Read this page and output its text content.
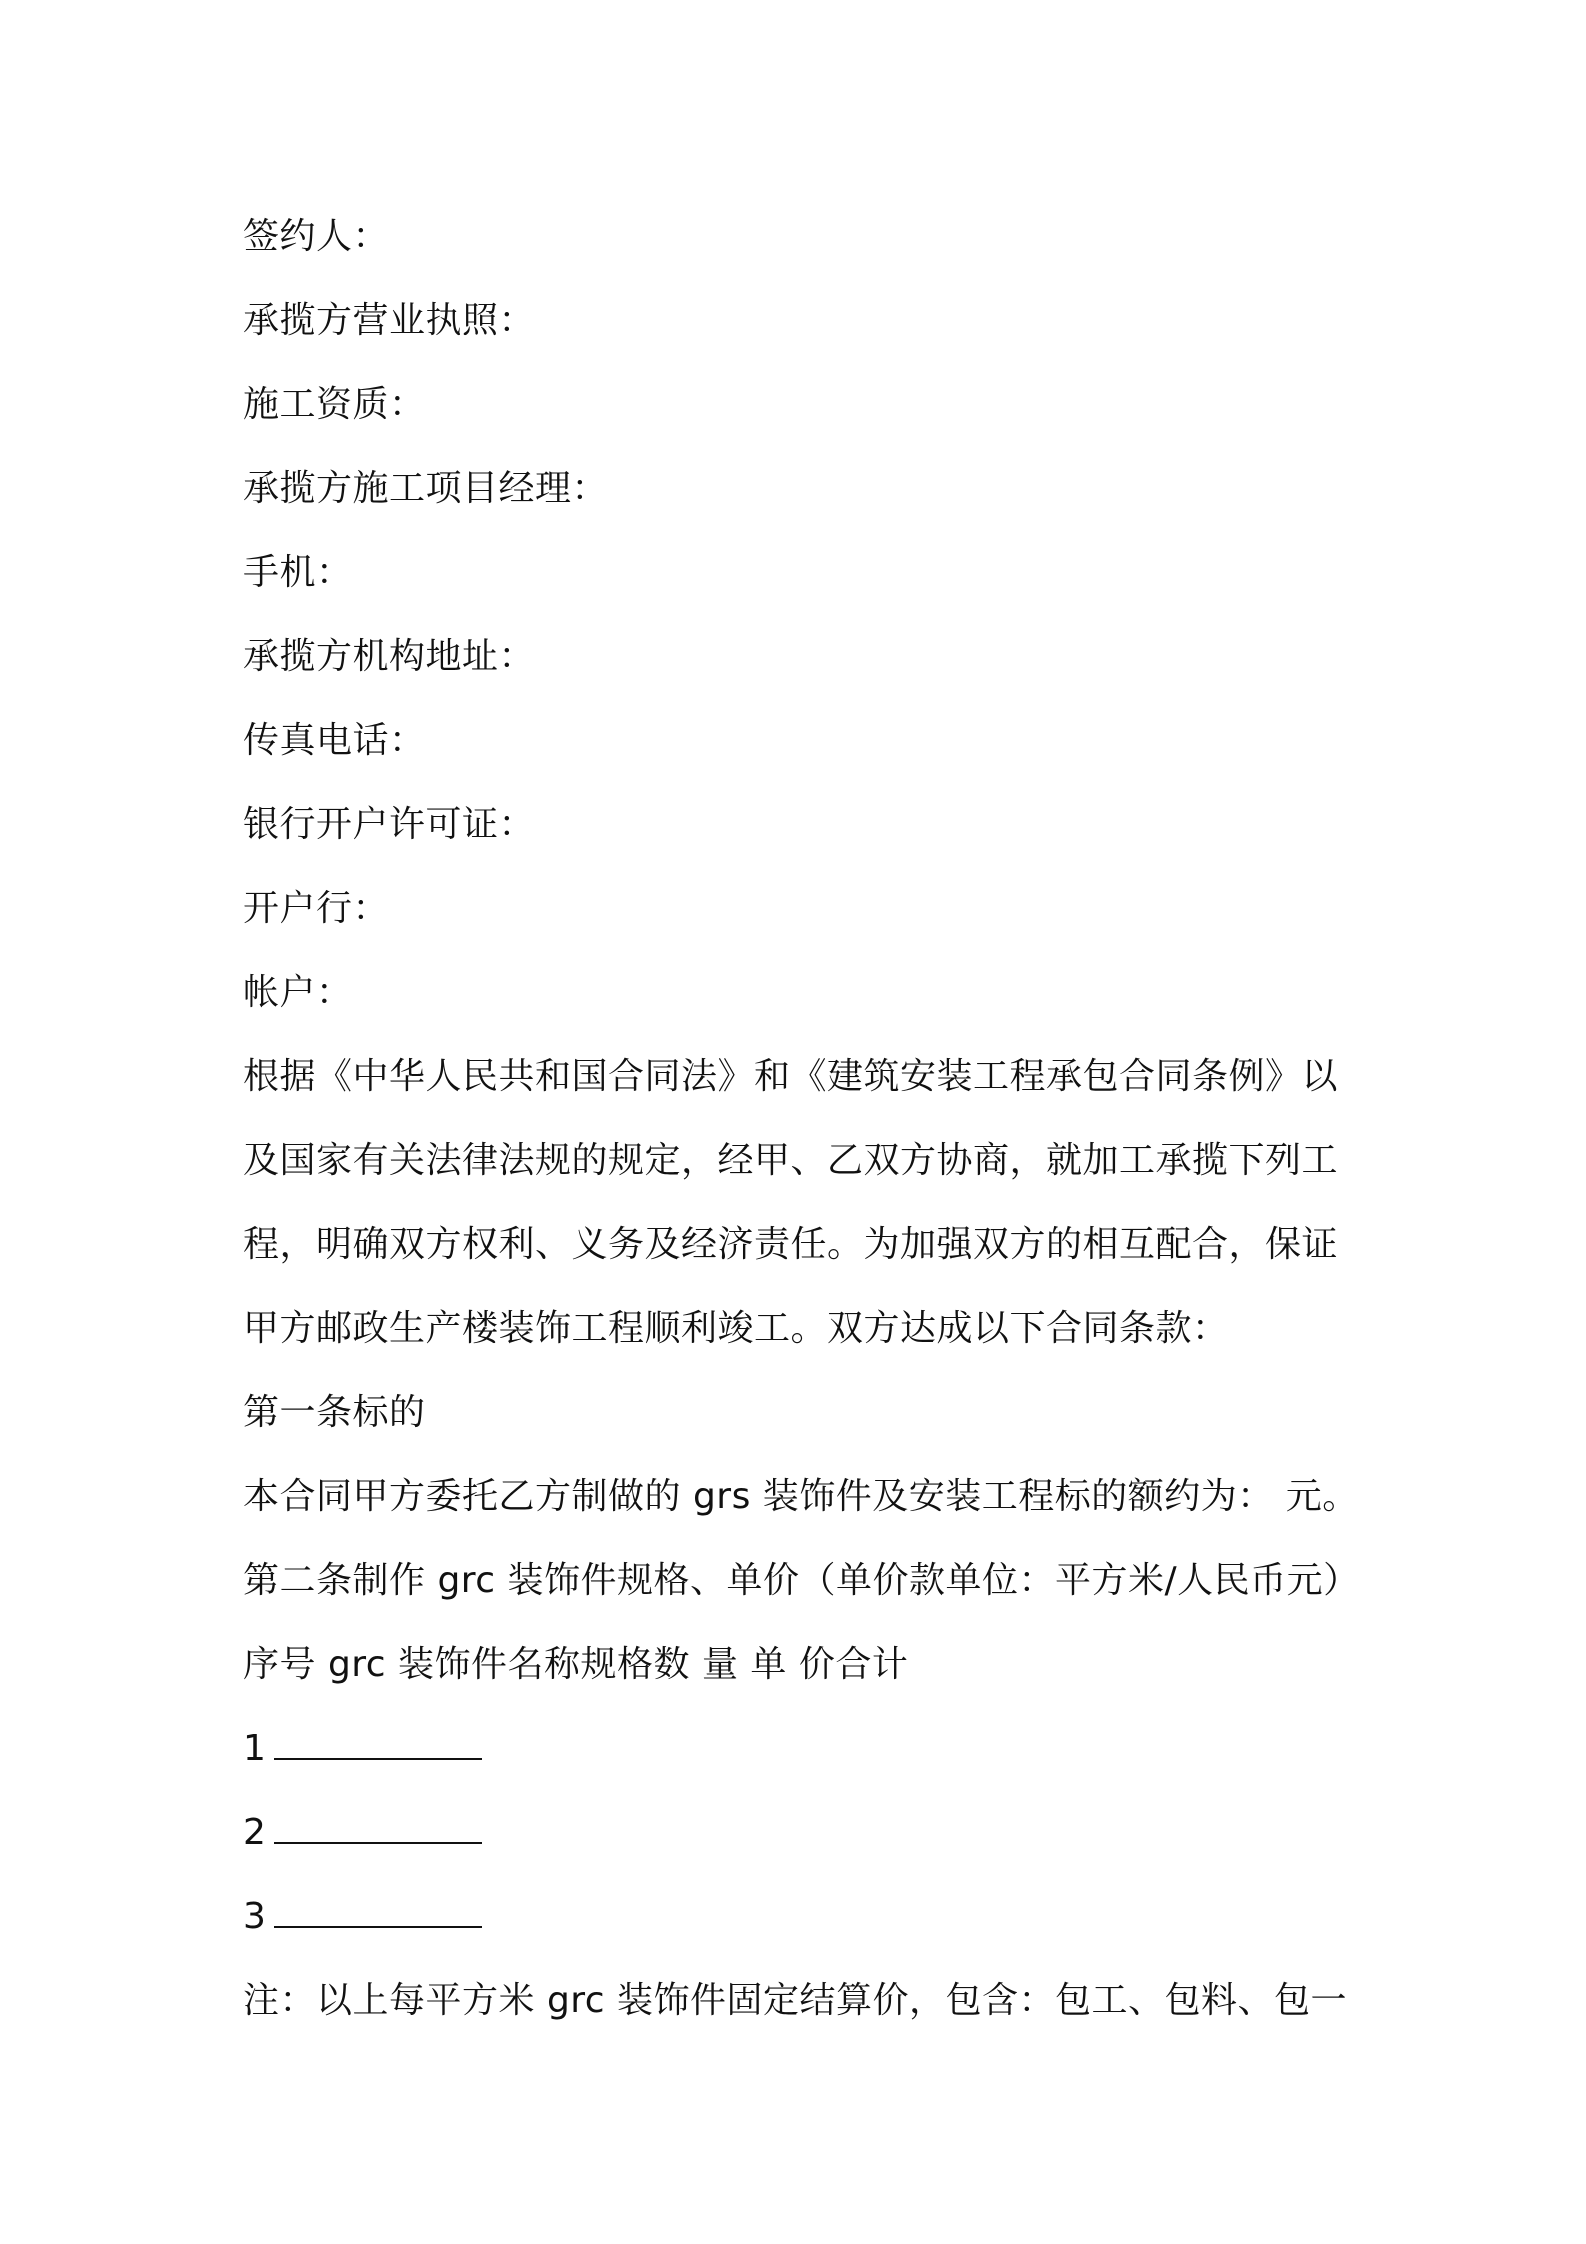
签约人：
承揽方营业执照：
施工资质：
承揽方施工项目经理：
手机：
承揽方机构地址：
传真电话：
银行开户许可证：
开户行：
帐户：
根据《中华人民共和国合同法》和《建筑安装工程承包合同条例》以
及国家有关法律法规的规定，经甲、乙双方协商，就加工承揽下列工
程，明确双方权利、义务及经济责任。为加强双方的相互配合，保证
甲方邮政生产楼装饰工程顺利竣工。双方达成以下合同条款：
第一条标的
本合同甲方委托乙方制做的 grs 装饰件及安装工程标的额约为： 元。
第二条制作 grc 装饰件规格、单价（单价款单位：平方米/人民币元）
序号 grc 装饰件名称规格数 量 单 价合计
1
2
3
注：以上每平方米 grc 装饰件固定结算价，包含：包工、包料、包一
